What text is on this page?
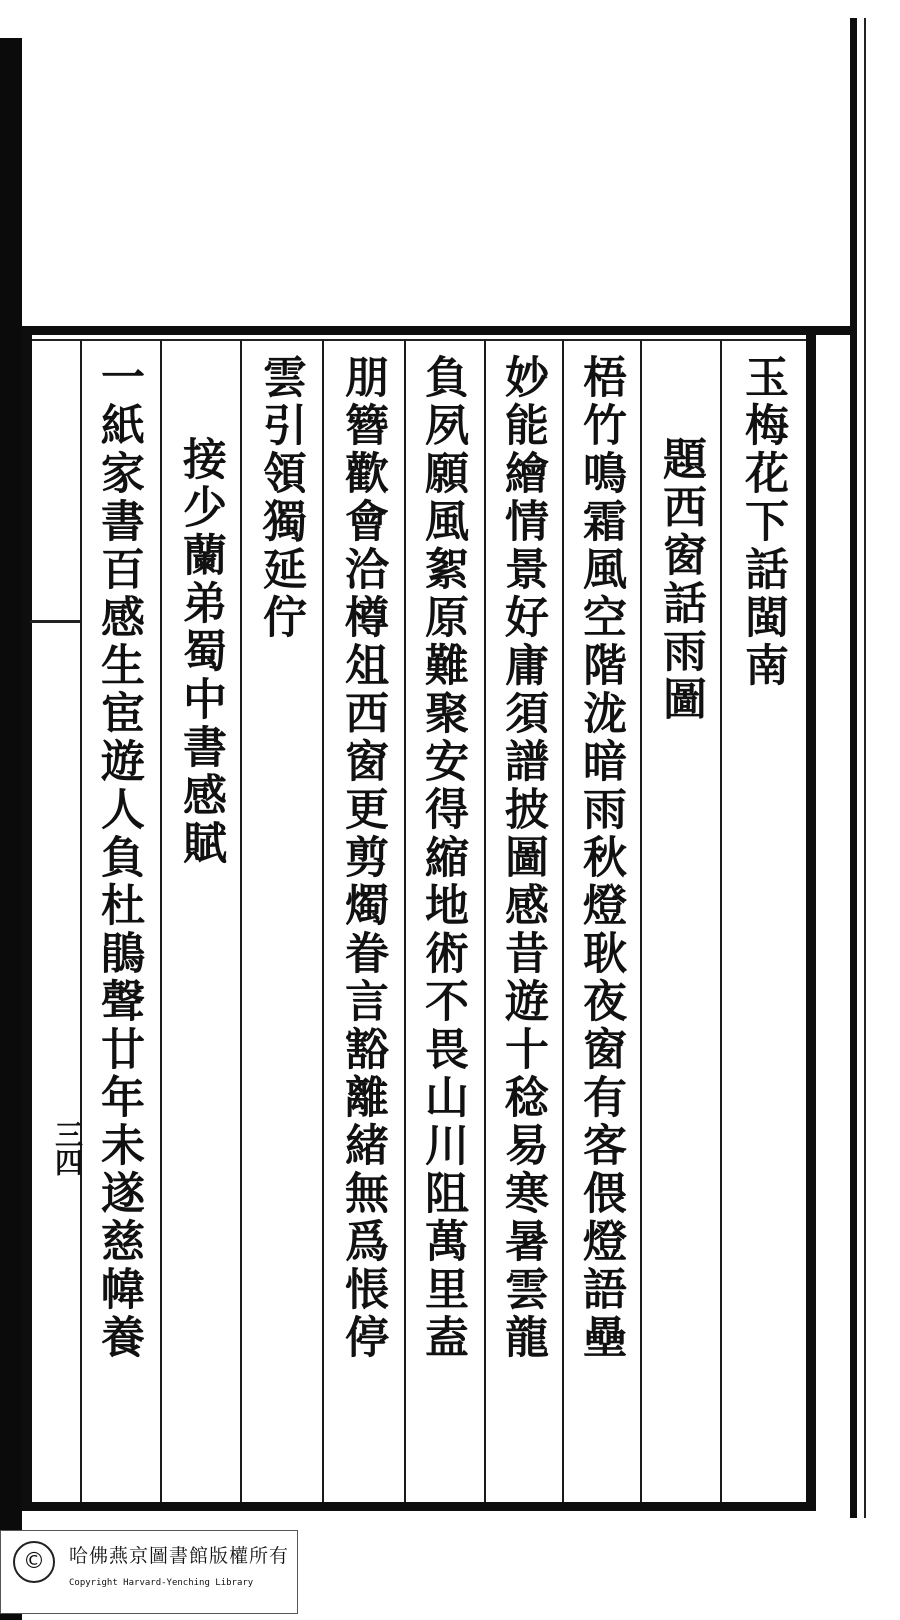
玉梅花下話閩南
題西窗話雨圖
梧竹鳴霜風空階泷暗雨秋燈耿夜窗有客偎燈語壘
妙能繪情景好庸須譜披圖感昔遊十稔易寒暑雲龍
負夙願風絮原難聚安得縮地術不畏山川阻萬里盍
朋簪歡會洽樽俎西窗更剪燭眷言豁離緒無爲悵停
雲引領獨延佇
接少蘭弟蜀中書感賦
一紙家書百感生宦遊人負杜鵑聲廿年未遂慈幃養
三四
©	哈佛燕京圖書館版權所有
Copyright Harvard-Yenching Library
